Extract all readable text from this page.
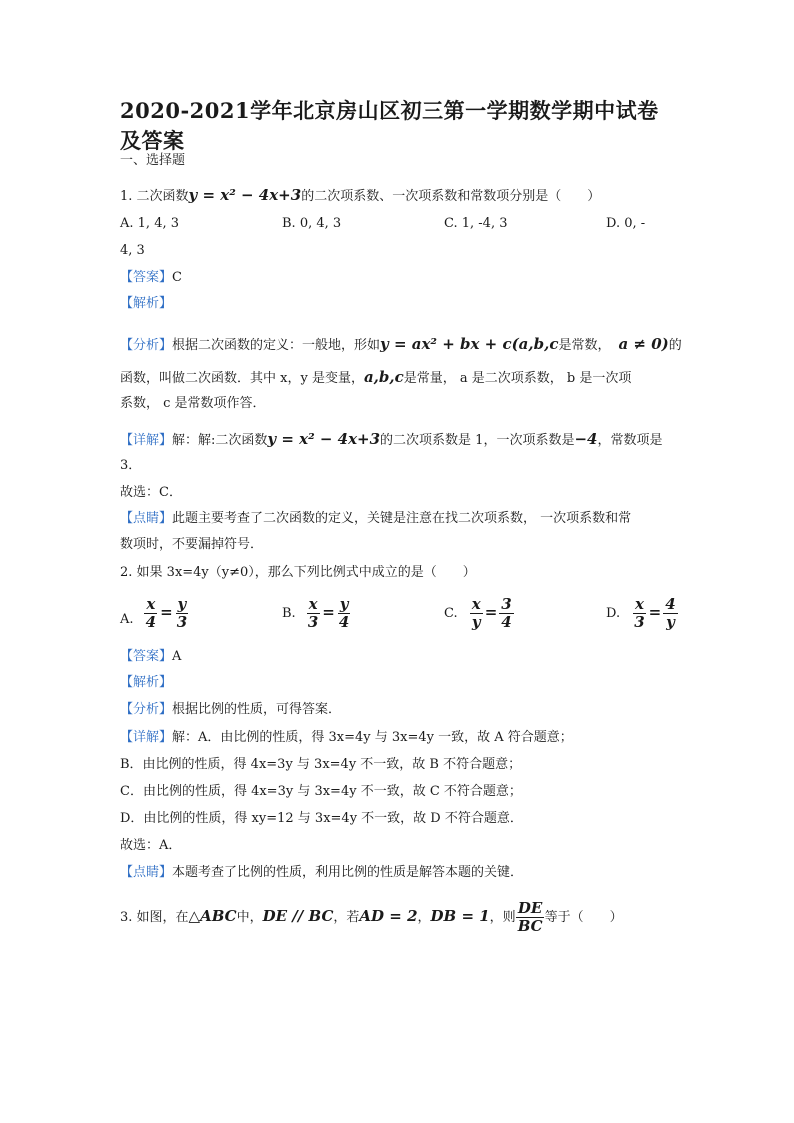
2020-2021学年北京房山区初三第一学期数学期中试卷及答案
一、选择题
1. 二次函数y = x² − 4x+3的二次项系数、一次项系数和常数项分别是（　　）
A. 1, 4, 3	B. 0, 4, 3	C. 1, -4, 3	D. 0, -
4, 3
【答案】C
【解析】
【分析】根据二次函数的定义：一般地，形如y = ax² + bx + c(a,b,c是常数， a ≠ 0)的
函数，叫做二次函数．其中 x，y 是变量，a,b,c是常量， a 是二次项系数， b 是一次项
系数， c 是常数项作答．
【详解】解：解:二次函数y = x² − 4x+3的二次项系数是 1，一次项系数是−4，常数项是
3．
故选：C．
【点睛】此题主要考查了二次函数的定义，关键是注意在找二次项系数， 一次项系数和常
数项时，不要漏掉符号．
2. 如果 3x=4y（y≠0），那么下列比例式中成立的是（　　）
A. $\frac{x}{4} = \frac{y}{3}$	B. $\frac{x}{3} = \frac{y}{4}$	C. $\frac{x}{y} = \frac{3}{4}$	D. $\frac{x}{3} = \frac{4}{y}$
【答案】A
【解析】
【分析】根据比例的性质，可得答案．
【详解】解：A．由比例的性质，得 3x=4y 与 3x=4y 一致，故 A 符合题意；
B．由比例的性质，得 4x=3y 与 3x=4y 不一致，故 B 不符合题意；
C．由比例的性质，得 4x=3y 与 3x=4y 不一致，故 C 不符合题意；
D．由比例的性质，得 xy=12 与 3x=4y 不一致，故 D 不符合题意．
故选：A．
【点睛】本题考查了比例的性质，利用比例的性质是解答本题的关键．
3. 如图，在△ABC中，DE // BC，若AD = 2，DB = 1，则 $\frac{DE}{BC}$ 等于（　　）
